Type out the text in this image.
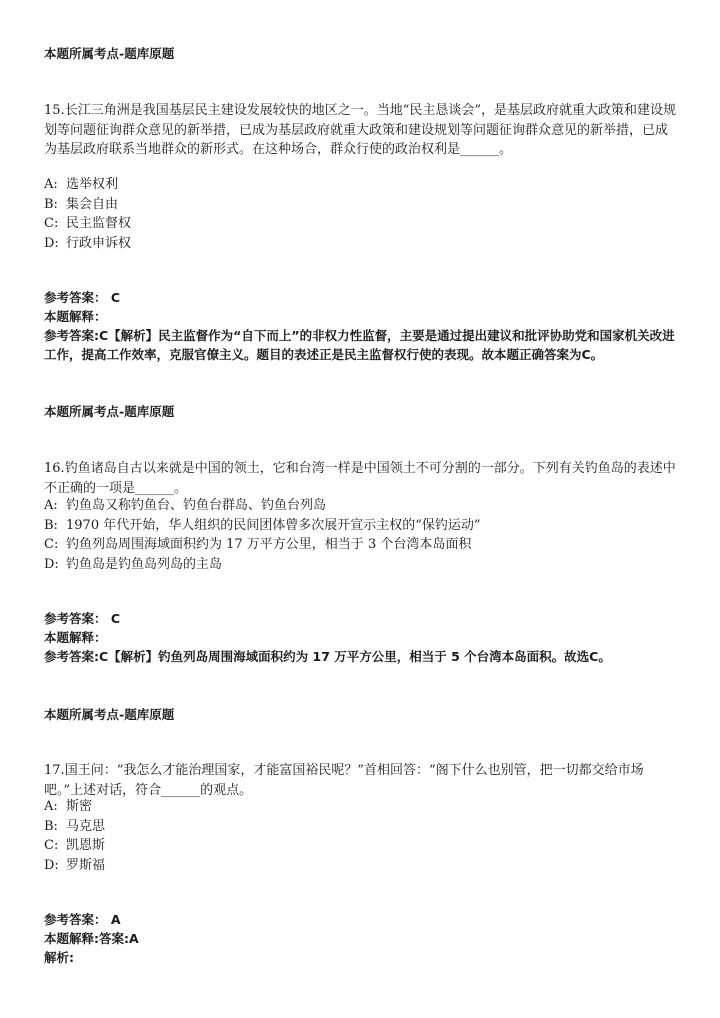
本题所属考点-题库原题

15.长江三角洲是我国基层民主建设发展较快的地区之一。当地“民主恳谈会”，是基层政府就重大政策和建设规划等问题征询群众意见的新举措，已成为基层政府就重大政策和建设规划等问题征询群众意见的新举措，已成为基层政府联系当地群众的新形式。在这种场合，群众行使的政治权利是______。

A: 选举权利

B: 集会自由

C: 民主监督权

D: 行政申诉权

参考答案： C

本题解释：

参考答案:C【解析】民主监督作为“自下而上”的非权力性监督，主要是通过提出建议和批评协助党和国家机关改进工作，提高工作效率，克服官僚主义。题目的表述正是民主监督权行使的表现。故本题正确答案为C。

本题所属考点-题库原题

16.钓鱼诸岛自古以来就是中国的领土，它和台湾一样是中国领土不可分割的一部分。下列有关钓鱼岛的表述中不正确的一项是______。

A: 钓鱼岛又称钓鱼台、钓鱼台群岛、钓鱼台列岛

B: 1970 年代开始，华人组织的民间团体曾多次展开宣示主权的“保钓运动”

C: 钓鱼列岛周围海域面积约为 17 万平方公里，相当于 3 个台湾本岛面积

D: 钓鱼岛是钓鱼岛列岛的主岛

参考答案： C

本题解释：

参考答案:C【解析】钓鱼列岛周围海域面积约为 17 万平方公里，相当于 5 个台湾本岛面积。故选C。

本题所属考点-题库原题

17.国王问：“我怎么才能治理国家，才能富国裕民呢？”首相回答：“阁下什么也别管，把一切都交给市场吧。”上述对话，符合______的观点。

A: 斯密

B: 马克思

C: 凯恩斯

D: 罗斯福

参考答案： A

本题解释:答案:A

解析:
